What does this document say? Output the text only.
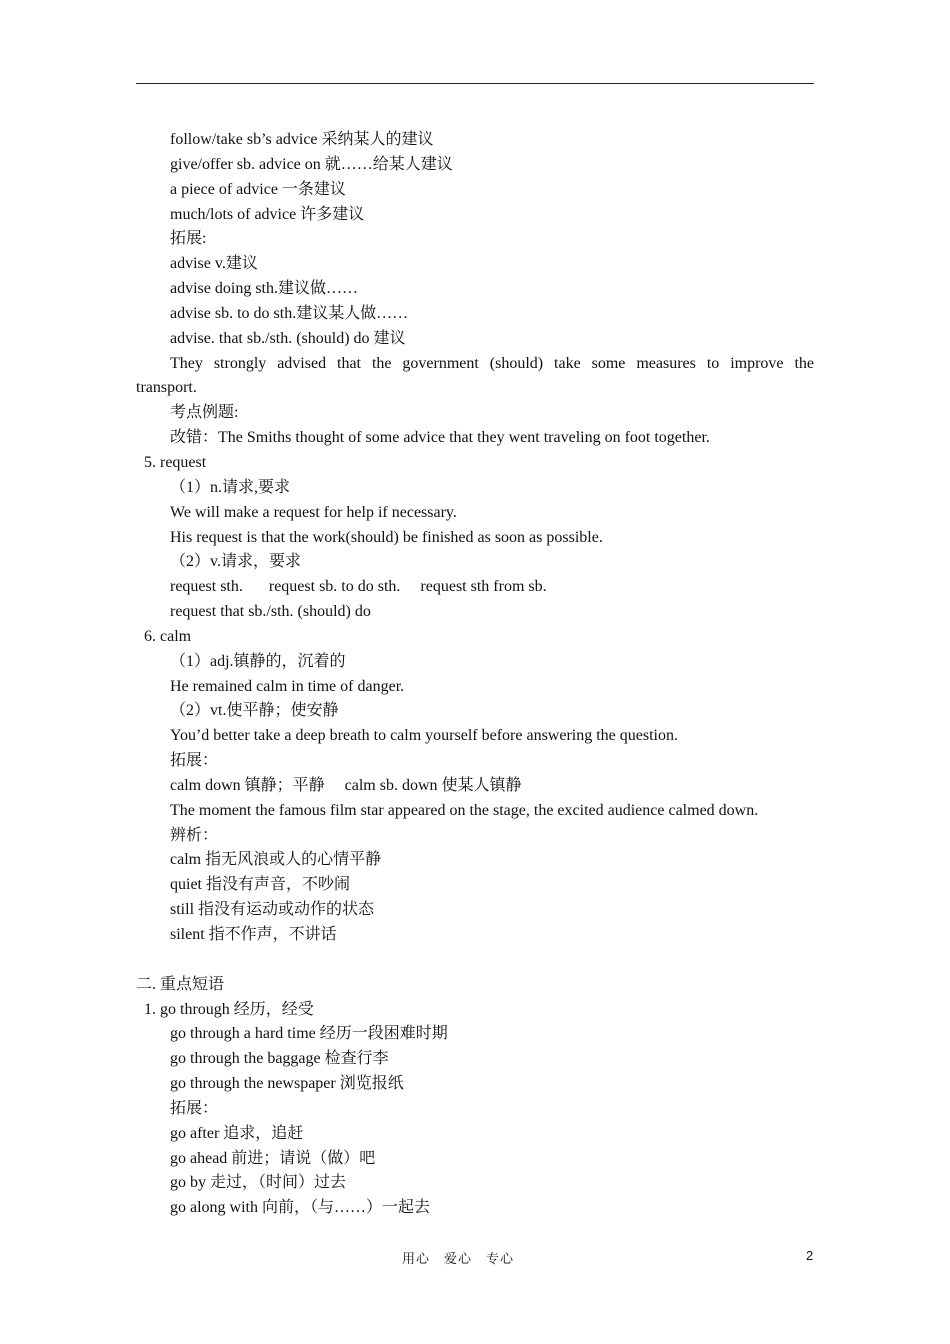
follow/take sb’s advice 采纳某人的建议

give/offer sb. advice on 就……给某人建议

a piece of advice 一条建议

much/lots of advice 许多建议

拓展:

advise v.建议

advise doing sth.建议做……

advise sb. to do sth.建议某人做……

advise. that sb./sth. (should) do 建议

They strongly advised that the government (should) take some measures to improve the

transport.

考点例题:

改错：The Smiths thought of some advice that they went traveling on foot together.

5. request

（1）n.请求,要求

We will make a request for help if necessary.

His request is that the work(should) be finished as soon as possible.

（2）v.请求，要求

request sth. request sb. to do sth. request sth from sb.

request that sb./sth. (should) do

6. calm

（1）adj.镇静的，沉着的

He remained calm in time of danger.

（2）vt.使平静；使安静

You’d better take a deep breath to calm yourself before answering the question.

拓展：

calm down 镇静；平静 calm sb. down 使某人镇静

The moment the famous film star appeared on the stage, the excited audience calmed down.

辨析：

calm 指无风浪或人的心情平静

quiet 指没有声音，不吵闹

still 指没有运动或动作的状态

silent 指不作声，不讲话

二. 重点短语

1. go through 经历，经受

go through a hard time 经历一段困难时期

go through the baggage 检查行李

go through the newspaper 浏览报纸

拓展：

go after 追求，追赶

go ahead 前进；请说（做）吧

go by 走过，（时间）过去

go along with 向前，（与……）一起去

用心 爱心 专心	2
